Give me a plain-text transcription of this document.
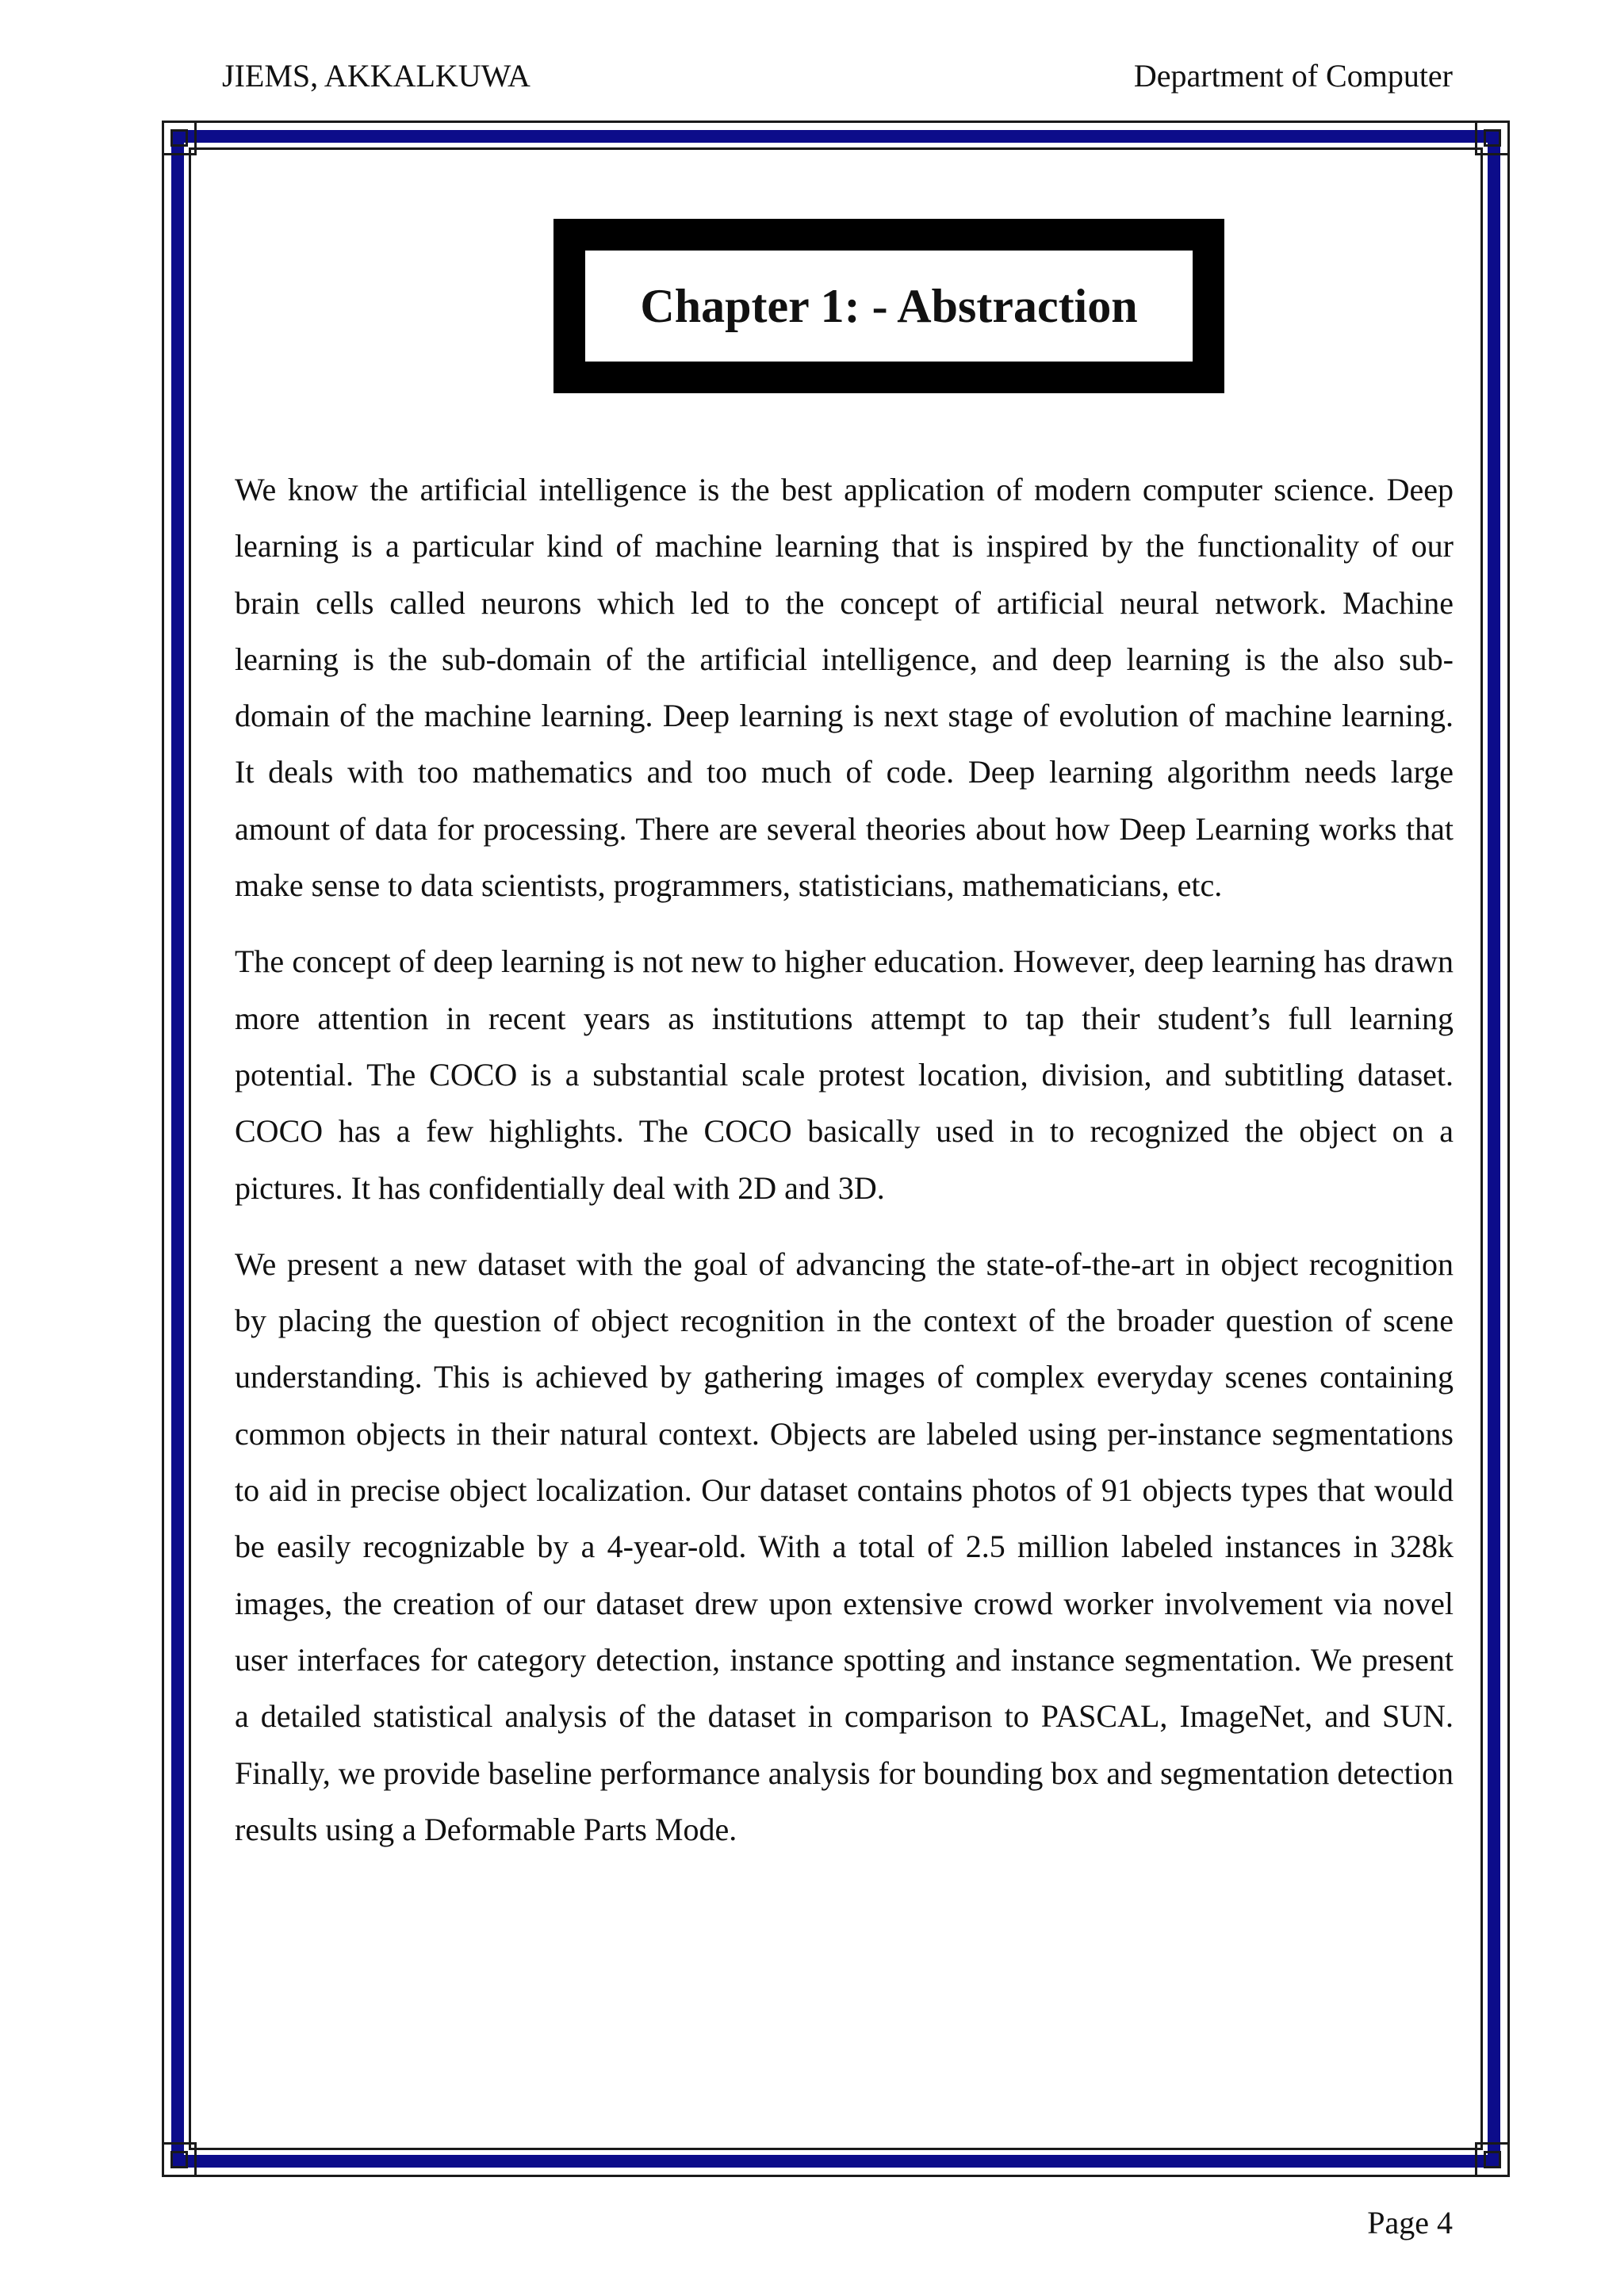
JIEMS, AKKALKUWA	Department of Computer
Chapter 1: - Abstraction

We know the artificial intelligence is the best application of modern computer science. Deep learning is a particular kind of machine learning that is inspired by the functionality of our brain cells called neurons which led to the concept of artificial neural network. Machine learning is the sub-domain of the artificial intelligence, and deep learning is the also sub-domain of the machine learning. Deep learning is next stage of evolution of machine learning. It deals with too mathematics and too much of code. Deep learning algorithm needs large amount of data for processing. There are several theories about how Deep Learning works that make sense to data scientists, programmers, statisticians, mathematicians, etc.

The concept of deep learning is not new to higher education. However, deep learning has drawn more attention in recent years as institutions attempt to tap their student’s full learning potential. The COCO is a substantial scale protest location, division, and subtitling dataset. COCO has a few highlights. The COCO basically used in to recognized the object on a pictures. It has confidentially deal with 2D and 3D.

We present a new dataset with the goal of advancing the state-of-the-art in object recognition by placing the question of object recognition in the context of the broader question of scene understanding. This is achieved by gathering images of complex everyday scenes containing common objects in their natural context. Objects are labeled using per-instance segmentations to aid in precise object localization. Our dataset contains photos of 91 objects types that would be easily recognizable by a 4-year-old. With a total of 2.5 million labeled instances in 328k images, the creation of our dataset drew upon extensive crowd worker involvement via novel user interfaces for category detection, instance spotting and instance segmentation. We present a detailed statistical analysis of the dataset in comparison to PASCAL, ImageNet, and SUN. Finally, we provide baseline performance analysis for bounding box and segmentation detection results using a Deformable Parts Mode.

Page 4
